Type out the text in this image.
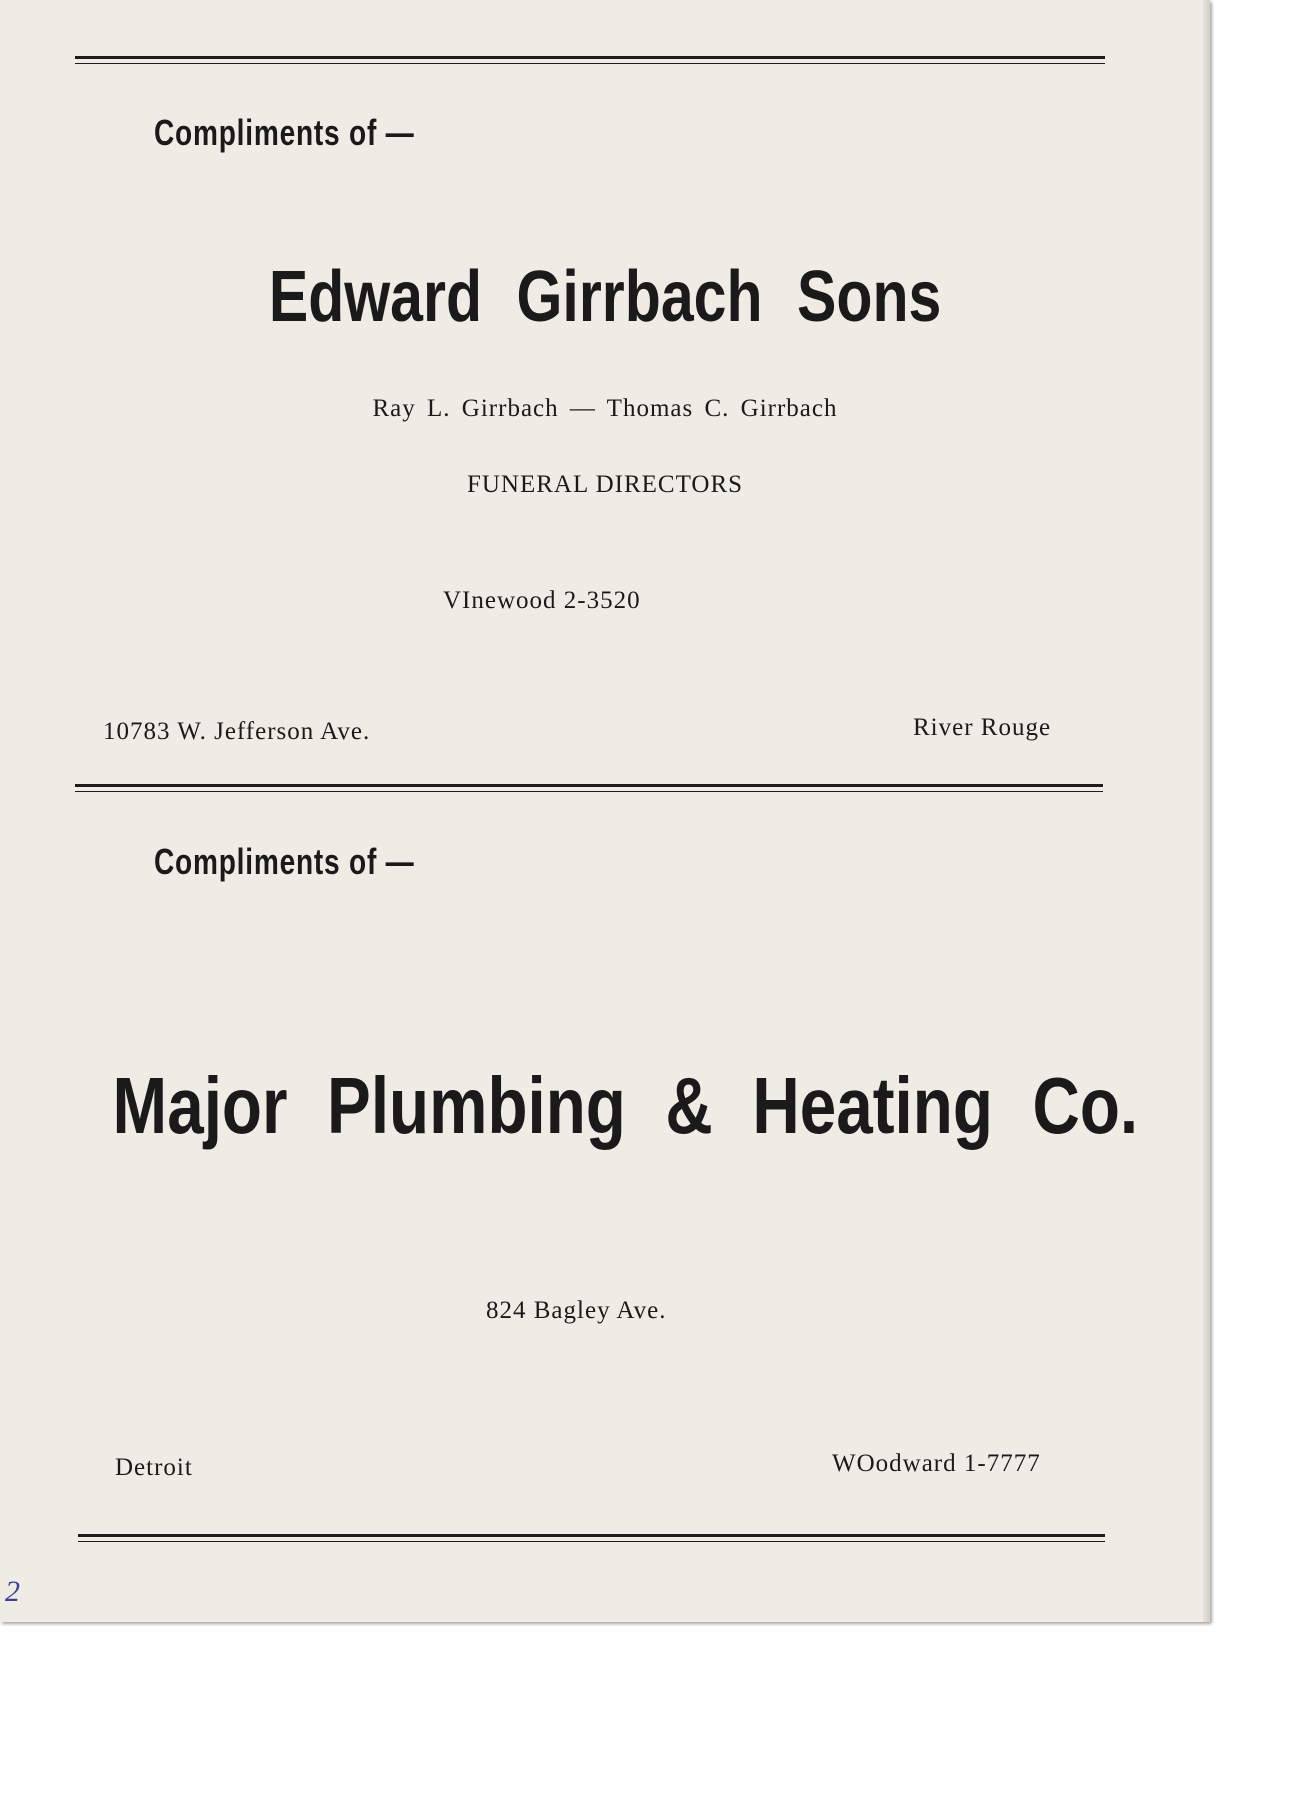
Compliments of —
Edward Girrbach Sons
Ray L. Girrbach — Thomas C. Girrbach
FUNERAL DIRECTORS
VInewood 2-3520
10783 W. Jefferson Ave.	River Rouge
Compliments of —
Major Plumbing & Heating Co.
824 Bagley Ave.
Detroit	WOodward 1-7777
2
